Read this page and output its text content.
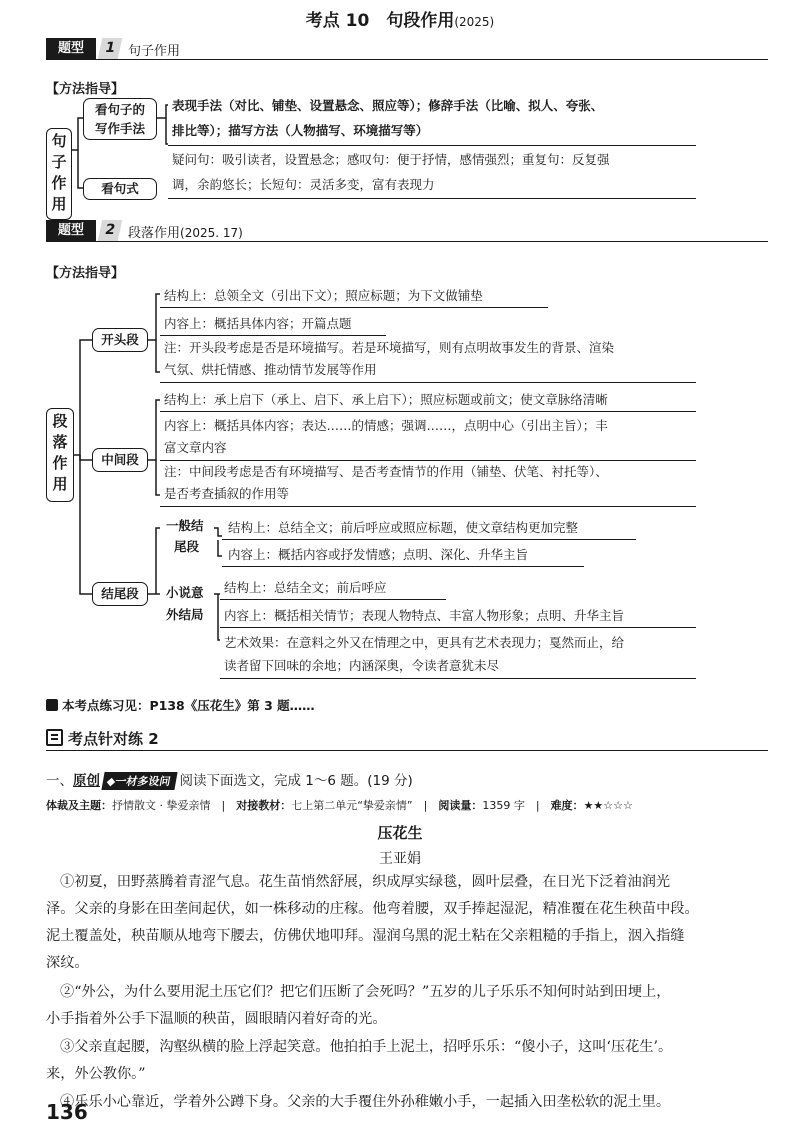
考点 10　句段作用(2025)
题型	1 句子作用
【方法指导】
句
子
作
用
看句子的
写作手法
看句式
表现手法（对比、铺垫、设置悬念、照应等）；修辞手法（比喻、拟人、夸张、
排比等）；描写方法（人物描写、环境描写等）
疑问句：吸引读者，设置悬念；感叹句：便于抒情，感情强烈；重复句：反复强
调，余韵悠长；长短句：灵活多变，富有表现力
题型	2 段落作用(2025. 17)
【方法指导】
段
落
作
用
开头段
中间段
结尾段
结构上：总领全文（引出下文）；照应标题；为下文做铺垫
内容上：概括具体内容；开篇点题
注：开头段考虑是否是环境描写。若是环境描写，则有点明故事发生的背景、渲染
气氛、烘托情感、推动情节发展等作用
结构上：承上启下（承上、启下、承上启下）；照应标题或前文；使文章脉络清晰
内容上：概括具体内容；表达……的情感；强调……，点明中心（引出主旨）；丰
富文章内容
注：中间段考虑是否有环境描写、是否考查情节的作用（铺垫、伏笔、衬托等）、
是否考查插叙的作用等
一般结
尾段
小说意
外结局
结构上：总结全文；前后呼应或照应标题，使文章结构更加完整
内容上：概括内容或抒发情感；点明、深化、升华主旨
结构上：总结全文；前后呼应
内容上：概括相关情节；表现人物特点、丰富人物形象；点明、升华主旨
艺术效果：在意料之外又在情理之中，更具有艺术表现力；戛然而止，给
读者留下回味的余地；内涵深奥，令读者意犹未尽
本考点练习见：P138《压花生》第 3 题……
考点针对练 2
一、原创 ◆一材多设问 阅读下面选文，完成 1～6 题。(19 分)
体裁及主题：抒情散文 · 挚爱亲情　 |　 对接教材：七上第二单元“挚爱亲情”　 |　 阅读量：1359 字　 |　 难度：★★☆☆☆
压花生
王亚娟
①初夏，田野蒸腾着青涩气息。花生苗悄然舒展，织成厚实绿毯，圆叶层叠，在日光下泛着油润光
泽。父亲的身影在田垄间起伏，如一株移动的庄稼。他弯着腰，双手捧起湿泥，精准覆在花生秧苗中段。
泥土覆盖处，秧苗顺从地弯下腰去，仿佛伏地叩拜。湿润乌黑的泥土粘在父亲粗糙的手指上，洇入指缝
深纹。
②“外公，为什么要用泥土压它们？把它们压断了会死吗？”五岁的儿子乐乐不知何时站到田埂上，
小手指着外公手下温顺的秧苗，圆眼睛闪着好奇的光。
③父亲直起腰，沟壑纵横的脸上浮起笑意。他拍拍手上泥土，招呼乐乐：“傻小子，这叫‘压花生’。
来，外公教你。”
④乐乐小心靠近，学着外公蹲下身。父亲的大手覆住外孙稚嫩小手，一起插入田垄松软的泥土里。
136
